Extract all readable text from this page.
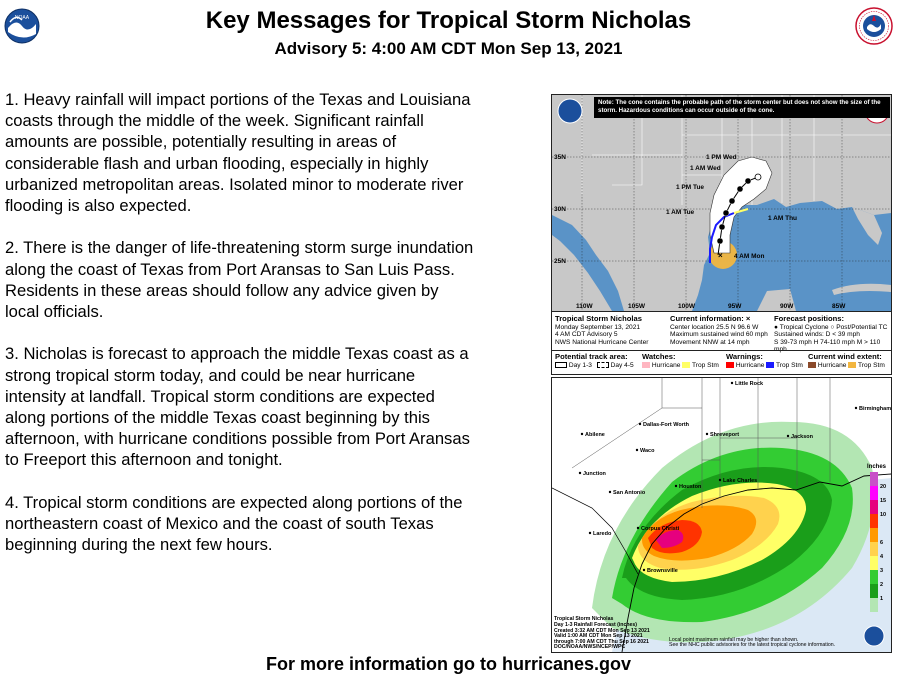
NOAA	Key Messages for Tropical Storm Nicholas
Advisory 5: 4:00 AM CDT Mon Sep 13, 2021

1. Heavy rainfall will impact portions of the Texas and Louisiana coasts through the middle of the week. Significant rainfall amounts are possible, potentially resulting in areas of considerable flash and urban flooding, especially in highly urbanized metropolitan areas. Isolated minor to moderate river flooding is also expected.

2. There is the danger of life-threatening storm surge inundation along the coast of Texas from Port Aransas to San Luis Pass. Residents in these areas should follow any advice given by local officials.

3. Nicholas is forecast to approach the middle Texas coast as a strong tropical storm today, and could be near hurricane intensity at landfall. Tropical storm conditions are expected along portions of the middle Texas coast beginning by this afternoon, with hurricane conditions possible from Port Aransas to Freeport this afternoon and tonight.

4. Tropical storm conditions are expected along portions of the northeastern coast of Mexico and the coast of south Texas beginning during the next few hours.

×
35N
30N
25N
110W	105W	100W	95W	90W	85W
1 PM Wed
1 AM Wed
1 PM Tue
1 AM Tue
1 AM Thu
4 AM Mon
Note: The cone contains the probable path of the storm center but does not show the size of the storm. Hazardous conditions can occur outside of the cone.
Tropical Storm Nicholas
Monday September 13, 2021
4 AM CDT Advisory 5
NWS National Hurricane Center
Current information: ×
Center location 25.5 N 96.6 W
Maximum sustained wind 60 mph
Movement NNW at 14 mph
Forecast positions:
● Tropical Cyclone ○ Post/Potential TC
Sustained winds: D < 39 mph
S 39-73 mph H 74-110 mph M > 110 mph
Potential track area:
Day 1-3	Day 4-5
Watches:
Hurricane Trop Stm
Warnings:
Hurricane Trop Stm
Current wind extent:
Hurricane Trop Stm
Little Rock
Birmingham
Dallas-Fort Worth
Shreveport
Abilene	Jackson
Waco
Junction
Lake Charles
San Antonio
Houston
Laredo
Corpus Christi
Brownsville
20
15
10
6
4
3
2
1
Inches
Tropical Storm Nicholas
Day 1-3 Rainfall Forecast (inches)
Created 3:32 AM CDT Mon Sep 13 2021
Valid 1:00 AM CDT Mon Sep 13 2021
through 7:00 AM CDT Thu Sep 16 2021
DOC/NOAA/NWS/NCEP/WPC
Local point maximum rainfall may be higher than shown.
See the NHC public advisories for the latest tropical cyclone information.
For more information go to hurricanes.gov
